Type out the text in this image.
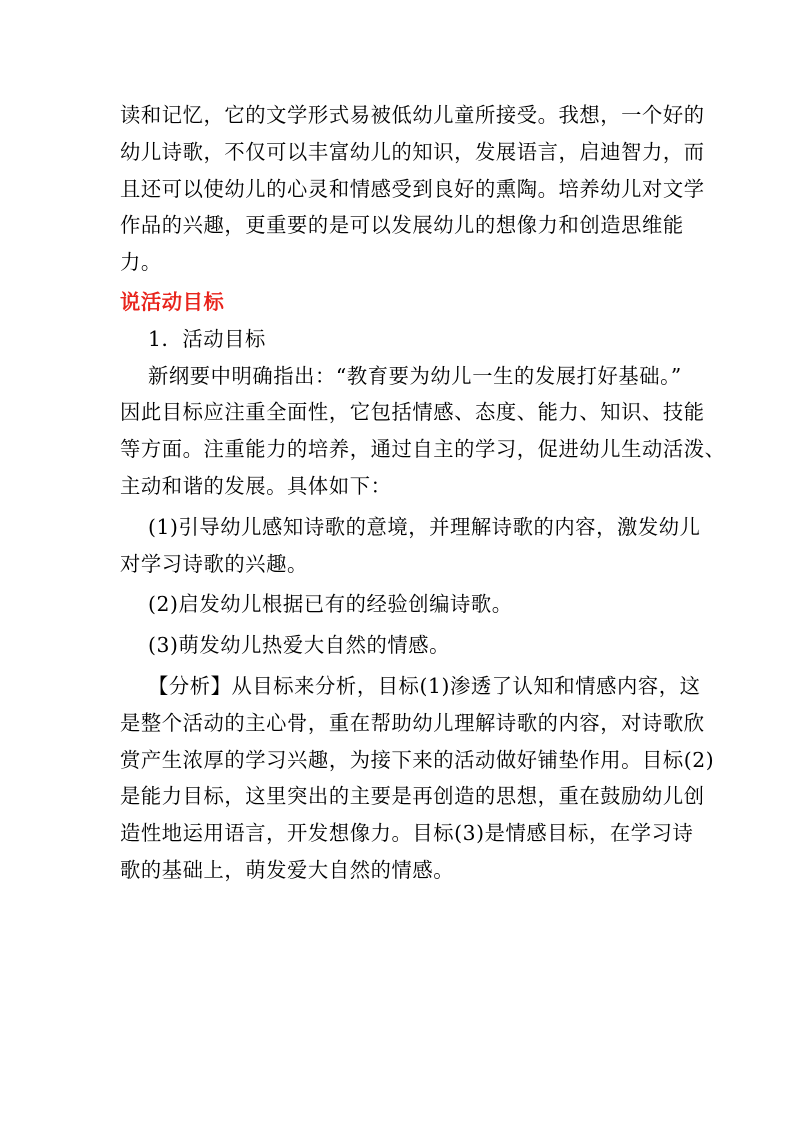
读和记忆，它的文学形式易被低幼儿童所接受。我想，一个好的
幼儿诗歌，不仅可以丰富幼儿的知识，发展语言，启迪智力，而
且还可以使幼儿的心灵和情感受到良好的熏陶。培养幼儿对文学
作品的兴趣，更重要的是可以发展幼儿的想像力和创造思维能
力。
说活动目标
1．活动目标
新纲要中明确指出：“教育要为幼儿一生的发展打好基础。”
因此目标应注重全面性，它包括情感、态度、能力、知识、技能
等方面。注重能力的培养，通过自主的学习，促进幼儿生动活泼、
主动和谐的发展。具体如下：
(1)引导幼儿感知诗歌的意境，并理解诗歌的内容，激发幼儿
对学习诗歌的兴趣。
(2)启发幼儿根据已有的经验创编诗歌。
(3)萌发幼儿热爱大自然的情感。
【分析】从目标来分析，目标(1)渗透了认知和情感内容，这
是整个活动的主心骨，重在帮助幼儿理解诗歌的内容，对诗歌欣
赏产生浓厚的学习兴趣，为接下来的活动做好铺垫作用。目标(2)
是能力目标，这里突出的主要是再创造的思想，重在鼓励幼儿创
造性地运用语言，开发想像力。目标(3)是情感目标，在学习诗
歌的基础上，萌发爱大自然的情感。
